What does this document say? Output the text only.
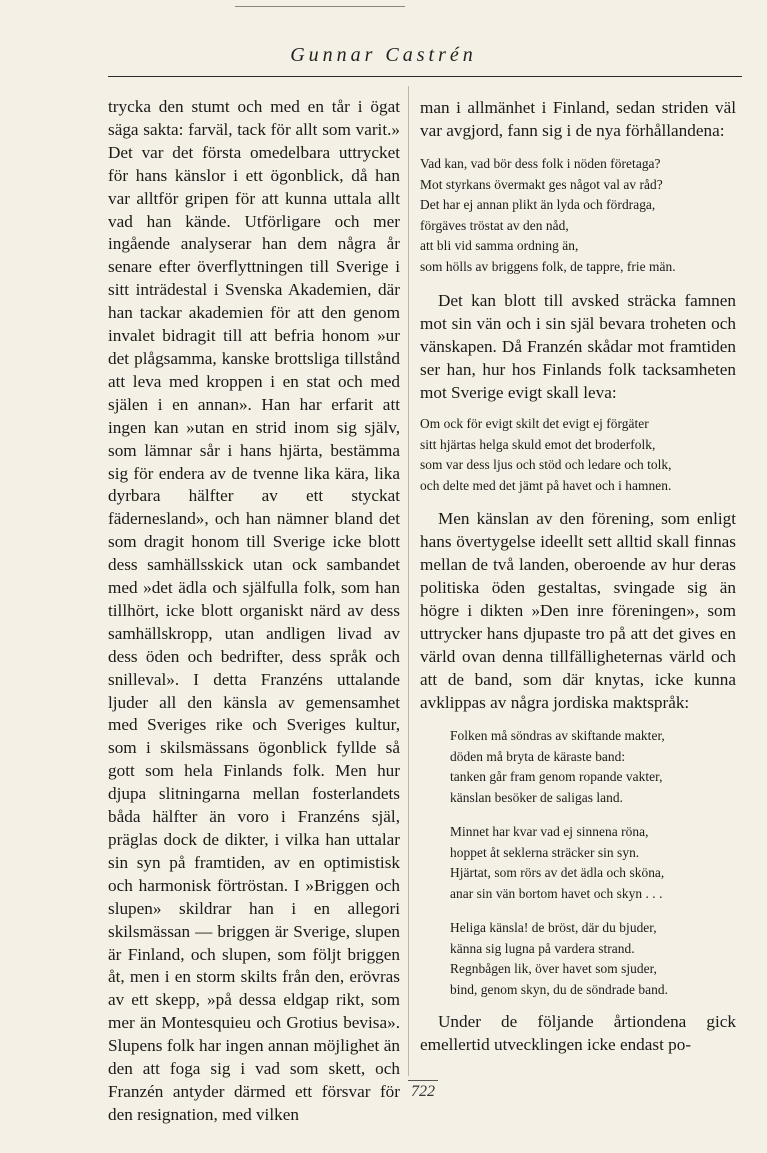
Gunnar Castrén

trycka den stumt och med en tår i ögat säga sakta: farväl, tack för allt som varit.» Det var det första omedelbara uttrycket för hans känslor i ett ögonblick, då han var alltför gripen för att kunna uttala allt vad han kände. Utförligare och mer ingående analyserar han dem några år senare efter överflyttningen till Sverige i sitt inträdestal i Svenska Akademien, där han tackar akademien för att den genom invalet bidragit till att befria honom »ur det plågsamma, kanske brottsliga tillstånd att leva med kroppen i en stat och med själen i en annan». Han har erfarit att ingen kan »utan en strid inom sig själv, som lämnar sår i hans hjärta, bestämma sig för endera av de tvenne lika kära, lika dyrbara hälfter av ett styckat fädernesland», och han nämner bland det som dragit honom till Sverige icke blott dess samhällsskick utan ock sambandet med »det ädla och själfulla folk, som han tillhört, icke blott organiskt närd av dess samhällskropp, utan andligen livad av dess öden och bedrifter, dess språk och snilleval». I detta Franzéns uttalande ljuder all den känsla av gemensamhet med Sveriges rike och Sveriges kultur, som i skilsmässans ögonblick fyllde så gott som hela Finlands folk. Men hur djupa slitningarna mellan fosterlandets båda hälfter än voro i Franzéns själ, präglas dock de dikter, i vilka han uttalar sin syn på framtiden, av en optimistisk och harmonisk förtröstan. I »Briggen och slupen» skildrar han i en allegori skilsmässan — briggen är Sverige, slupen är Finland, och slupen, som följt briggen åt, men i en storm skilts från den, erövras av ett skepp, »på dessa eldgap rikt, som mer än Montesquieu och Grotius bevisa». Slupens folk har ingen annan möjlighet än den att foga sig i vad som skett, och Franzén antyder därmed ett försvar för den resignation, med vilken

man i allmänhet i Finland, sedan striden väl var avgjord, fann sig i de nya förhållandena:

Vad kan, vad bör dess folk i nöden företaga?
Mot styrkans övermakt ges något val av råd?
Det har ej annan plikt än lyda och fördraga,
förgäves tröstat av den nåd,
att bli vid samma ordning än,
som hölls av briggens folk, de tappre, frie män.

Det kan blott till avsked sträcka famnen mot sin vän och i sin själ bevara troheten och vänskapen. Då Franzén skådar mot framtiden ser han, hur hos Finlands folk tacksamheten mot Sverige evigt skall leva:

Om ock för evigt skilt det evigt ej förgäter
sitt hjärtas helga skuld emot det broderfolk,
som var dess ljus och stöd och ledare och tolk,
och delte med det jämt på havet och i hamnen.

Men känslan av den förening, som enligt hans övertygelse ideellt sett alltid skall finnas mellan de två landen, oberoende av hur deras politiska öden gestaltas, svingade sig än högre i dikten »Den inre föreningen», som uttrycker hans djupaste tro på att det gives en värld ovan denna tillfälligheternas värld och att de band, som där knytas, icke kunna avklippas av några jordiska maktspråk:

Folken må söndras av skiftande makter,
döden må bryta de käraste band:
tanken går fram genom ropande vakter,
känslan besöker de saligas land.
Minnet har kvar vad ej sinnena röna,
hoppet åt seklerna sträcker sin syn.
Hjärtat, som rörs av det ädla och sköna,
anar sin vän bortom havet och skyn . . .
Heliga känsla! de bröst, där du bjuder,
känna sig lugna på vardera strand.
Regnbågen lik, över havet som sjuder,
bind, genom skyn, du de söndrade band.

Under de följande årtiondena gick emellertid utvecklingen icke endast po-

722
